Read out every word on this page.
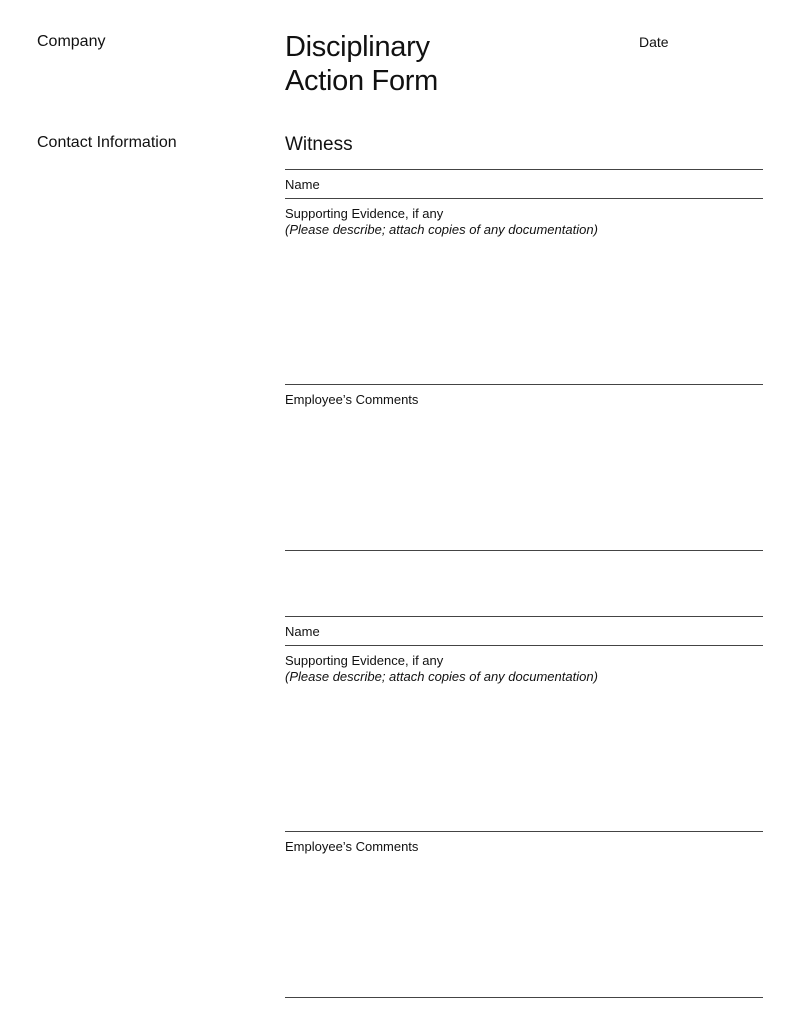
Company	Disciplinary
Action Form
Date
Contact Information	Witness
Name
Supporting Evidence, if any
(Please describe; attach copies of any documentation)
Employee’s Comments
Name
Supporting Evidence, if any
(Please describe; attach copies of any documentation)
Employee’s Comments
